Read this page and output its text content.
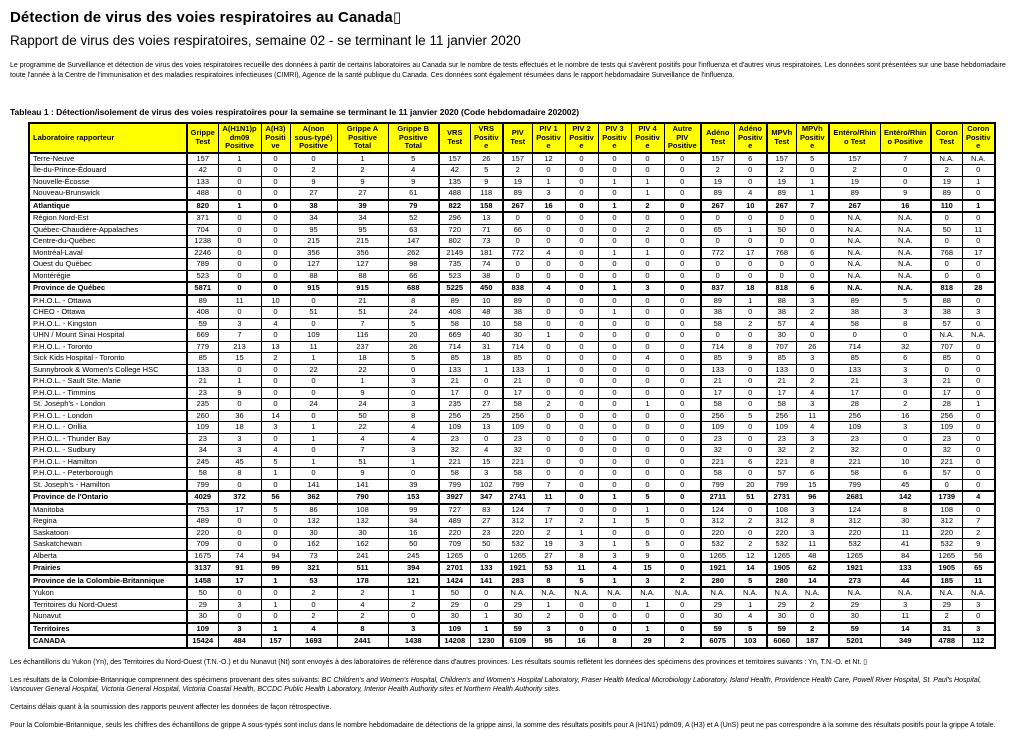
Détection de virus des voies respiratoires au Canada▯
Rapport de virus des voies respiratoires, semaine 02 - se terminant le 11 janvier 2020

Le programme de Surveillance et détection de virus des voies respiratoires recueille des données à partir de certains laboratoires au Canada sur le nombre de tests effectués et le nombre de tests qui s'avèrent positifs pour l'influenza et d'autres virus respiratoires. Les données sont présentées sur une base hebdomadaire toute l'année à la Centre de l'immunisation et des maladies respiratoires infectieuses (CIMRI), Agence de la santé publique du Canada. Ces données sont également résumées dans le rapport hebdomadaire Surveillance de l'influenza.

Tableau 1 : Détection/isolement de virus des voies respiratoires pour la semaine se terminant le 11 janvier 2020 (Code hebdomadaire 202002)
Laboratoire rapporteur	Grippe Test	A(H1N1)pdm09 Positive	A(H3) Positive	A(non sous-typé) Positive	Grippe A Positive Total	Grippe B Positive Total	VRS Test	VRS Positive	PIV Test	PIV 1 Positive	PIV 2 Positive	PIV 3 Positive	PIV 4 Positive	Autre PIV Positive	Adéno Test	Adéno Positive	MPVh Test	MPVh Positive	Entéro/Rhino Test	Entéro/Rhino Positive	Coron Test	Coron Positive
Terre-Neuve	157	1	0	0	1	5	157	26	157	12	0	0	0	0	157	6	157	5	157	7	N.A.	N.A.
Île-du-Prince-Édouard	42	0	0	2	2	4	42	5	2	0	0	0	0	0	2	0	2	0	2	0	2	0
Nouvelle-Écosse	133	0	0	9	9	9	135	9	19	1	0	1	1	0	19	0	19	1	19	0	19	1
Nouveau-Brunswick	488	0	0	27	27	61	488	118	89	3	0	0	1	0	89	4	89	1	89	9	89	0
Atlantique	820	1	0	38	39	79	822	158	267	16	0	1	2	0	267	10	267	7	267	16	110	1
Région Nord-Est	371	0	0	34	34	52	296	13	0	0	0	0	0	0	0	0	0	0	N.A.	N.A.	0	0
Québec-Chaudière-Appalaches	704	0	0	95	95	63	720	71	66	0	0	0	2	0	65	1	50	0	N.A.	N.A.	50	11
Centre-du-Québec	1238	0	0	215	215	147	802	73	0	0	0	0	0	0	0	0	0	0	N.A.	N.A.	0	0
Montréal-Laval	2246	0	0	356	356	262	2149	181	772	4	0	1	1	0	772	17	768	6	N.A.	N.A.	768	17
Ouest du Québec	789	0	0	127	127	98	735	74	0	0	0	0	0	0	0	0	0	0	N.A.	N.A.	0	0
Montérégie	523	0	0	88	88	66	523	38	0	0	0	0	0	0	0	0	0	0	N.A.	N.A.	0	0
Province de Québec	5871	0	0	915	915	688	5225	450	838	4	0	1	3	0	837	18	818	6	N.A.	N.A.	818	28
P.H.O.L. - Ottawa	89	11	10	0	21	8	89	10	89	0	0	0	0	0	89	1	88	3	89	5	88	0
CHEO - Ottawa	408	0	0	51	51	24	408	48	38	0	0	1	0	0	38	0	38	2	38	3	38	3
P.H.O.L. - Kingston	59	3	4	0	7	5	58	10	58	0	0	0	0	0	58	2	57	4	58	8	57	0
UHN / Mount Sinai Hospital	669	7	0	109	116	20	669	40	30	1	0	0	0	0	0	0	30	0	0	0	N.A.	N.A.
P.H.O.L. - Toronto	779	213	13	11	237	26	714	31	714	0	0	0	0	0	714	8	707	26	714	32	707	0
Sick Kids Hospital - Toronto	85	15	2	1	18	5	85	18	85	0	0	0	4	0	85	9	85	3	85	6	85	0
Sunnybrook & Women's College HSC	133	0	0	22	22	0	133	1	133	1	0	0	0	0	133	0	133	0	133	3	0	0
P.H.O.L. - Sault Ste. Marie	21	1	0	0	1	3	21	0	21	0	0	0	0	0	21	0	21	2	21	3	21	0
P.H.O.L. - Timmins	23	9	0	0	9	0	17	0	17	0	0	0	0	0	17	0	17	4	17	0	17	0
St. Joseph's - London	235	0	0	24	24	3	235	27	58	2	0	0	1	0	58	0	58	3	28	2	28	1
P.H.O.L. - London	260	36	14	0	50	8	256	25	256	0	0	0	0	0	256	5	256	11	256	16	256	0
P.H.O.L. - Orillia	109	18	3	1	22	4	109	13	109	0	0	0	0	0	109	0	109	4	109	3	109	0
P.H.O.L. - Thunder Bay	23	3	0	1	4	4	23	0	23	0	0	0	0	0	23	0	23	3	23	0	23	0
P.H.O.L. - Sudbury	34	3	4	0	7	3	32	4	32	0	0	0	0	0	32	0	32	2	32	0	32	0
P.H.O.L. - Hamilton	245	45	5	1	51	1	221	15	221	0	0	0	0	0	221	6	221	8	221	10	221	0
P.H.O.L. - Peterborough	58	8	1	0	9	0	58	3	58	0	0	0	0	0	58	0	57	6	58	6	57	0
St. Joseph's - Hamilton	799	0	0	141	141	39	799	102	799	7	0	0	0	0	799	20	799	15	799	45	0	0
Province de l'Ontario	4029	372	56	362	790	153	3927	347	2741	11	0	1	5	0	2711	51	2731	96	2681	142	1739	4
Manitoba	753	17	5	86	108	99	727	83	124	7	0	0	1	0	124	0	108	3	124	8	108	0
Regina	489	0	0	132	132	34	489	27	312	17	2	1	5	0	312	2	312	8	312	30	312	7
Saskatoon	220	0	0	30	30	16	220	23	220	2	1	0	0	0	220	0	220	3	220	11	220	2
Saskatchewan	709	0	0	162	162	50	709	50	532	19	3	1	5	0	532	2	532	11	532	41	532	9
Alberta	1675	74	94	73	241	245	1265	0	1265	27	8	3	9	0	1265	12	1265	48	1265	84	1265	56
Prairies	3137	91	99	321	511	394	2701	133	1921	53	11	4	15	0	1921	14	1905	62	1921	133	1905	65
Province de la Colombie-Britannique	1458	17	1	53	178	121	1424	141	283	8	5	1	3	2	280	5	280	14	273	44	185	11
Yukon	50	0	0	2	2	1	50	0	N.A.	N.A.	N.A.	N.A.	N.A.	N.A.	N.A.	N.A.	N.A.	N.A.	N.A.	N.A.	N.A.	N.A.
Territoires du Nord-Ouest	29	3	1	0	4	2	29	0	29	1	0	0	1	0	29	1	29	2	29	3	29	3
Nunavut	30	0	0	2	2	0	30	1	30	2	0	0	0	0	30	4	30	0	30	11	2	0
Territoires	109	3	1	4	8	3	109	1	59	3	0	0	1	0	59	5	59	2	59	14	31	3
CANADA	15424	484	157	1693	2441	1438	14208	1230	6109	95	16	8	29	2	6075	103	6060	187	5201	349	4788	112

Les échantillons du Yukon (Yn), des Territoires du Nord-Ouest (T.N.-O.) et du Nunavut (Nt) sont envoyés à des laboratoires de référence dans d'autres provinces. Les résultats soumis reflètent les données des spécimens des provinces et territoires suivants : Yn, T.N.-O. et Nt. ▯

Les résultats de la Colombie-Britannique comprennent des spécimens provenant des sites suivants: BC Children's and Women's Hospital, Children's and Women's Hospital Laboratory, Fraser Health Medical Microbiology Laboratory, Island Health, Providence Health Care, Powell River Hospital, St. Paul's Hospital, Vancouver General Hospital, Victoria General Hospital, Victoria Coastal Health, BCCDC Public Health Laboratory, Interior Health Authority sites et Northern Health Authority sites.

Certains délais quant à la soumission des rapports peuvent affecter les données de façon rétrospective.

Pour la Colombie-Britannique, seuls les chiffres des échantillons de grippe A sous-typés sont inclus dans le nombre hebdomadaire de détections de la grippe ainsi, la somme des résultats positifs pour A (H1N1) pdm09, A (H3) et A (UnS) peut ne pas correspondre à la somme des résultats positifs pour la grippe A totale.
